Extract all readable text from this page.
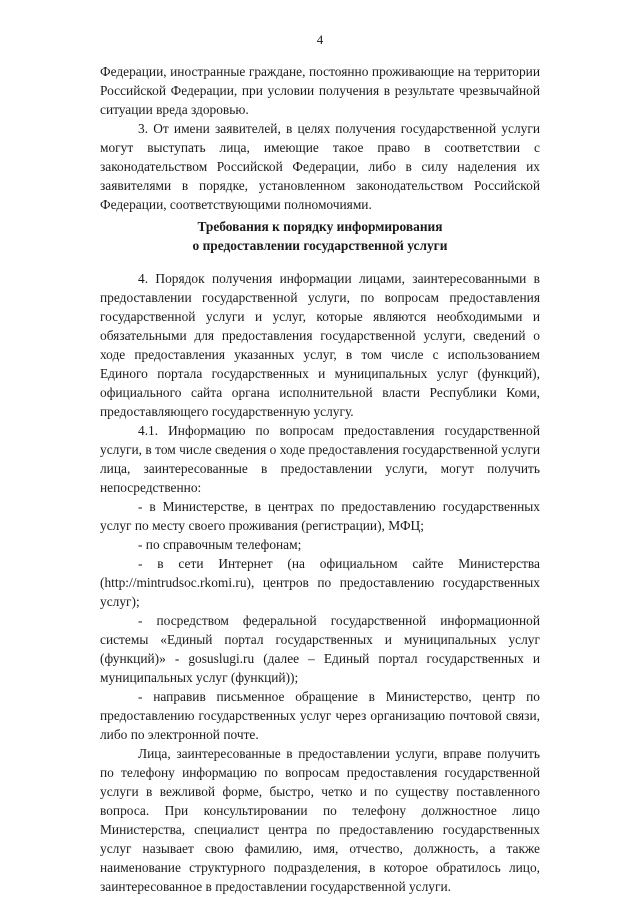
4

Федерации, иностранные граждане, постоянно проживающие на территории Российской Федерации, при условии получения в результате чрезвычайной ситуации вреда здоровью.

3. От имени заявителей, в целях получения государственной услуги могут выступать лица, имеющие такое право в соответствии с законодательством Российской Федерации, либо в силу наделения их заявителями в порядке, установленном законодательством Российской Федерации, соответствующими полномочиями.

Требования к порядку информирования
о предоставлении государственной услуги

4. Порядок получения информации лицами, заинтересованными в предоставлении государственной услуги, по вопросам предоставления государственной услуги и услуг, которые являются необходимыми и обязательными для предоставления государственной услуги, сведений о ходе предоставления указанных услуг, в том числе с использованием Единого портала государственных и муниципальных услуг (функций), официального сайта органа исполнительной власти Республики Коми, предоставляющего государственную услугу.

4.1. Информацию по вопросам предоставления государственной услуги, в том числе сведения о ходе предоставления государственной услуги лица, заинтересованные в предоставлении услуги, могут получить непосредственно:

- в Министерстве, в центрах по предоставлению государственных услуг по месту своего проживания (регистрации), МФЦ;

- по справочным телефонам;

- в сети Интернет (на официальном сайте Министерства (http://mintrudsoc.rkomi.ru), центров по предоставлению государственных услуг);

- посредством федеральной государственной информационной системы «Единый портал государственных и муниципальных услуг (функций)» - gosuslugi.ru (далее – Единый портал государственных и муниципальных услуг (функций));

- направив письменное обращение в Министерство, центр по предоставлению государственных услуг через организацию почтовой связи, либо по электронной почте.

Лица, заинтересованные в предоставлении услуги, вправе получить по телефону информацию по вопросам предоставления государственной услуги в вежливой форме, быстро, четко и по существу поставленного вопроса. При консультировании по телефону должностное лицо Министерства, специалист центра по предоставлению государственных услуг называет свою фамилию, имя, отчество, должность, а также наименование структурного подразделения, в которое обратилось лицо, заинтересованное в предоставлении государственной услуги.
